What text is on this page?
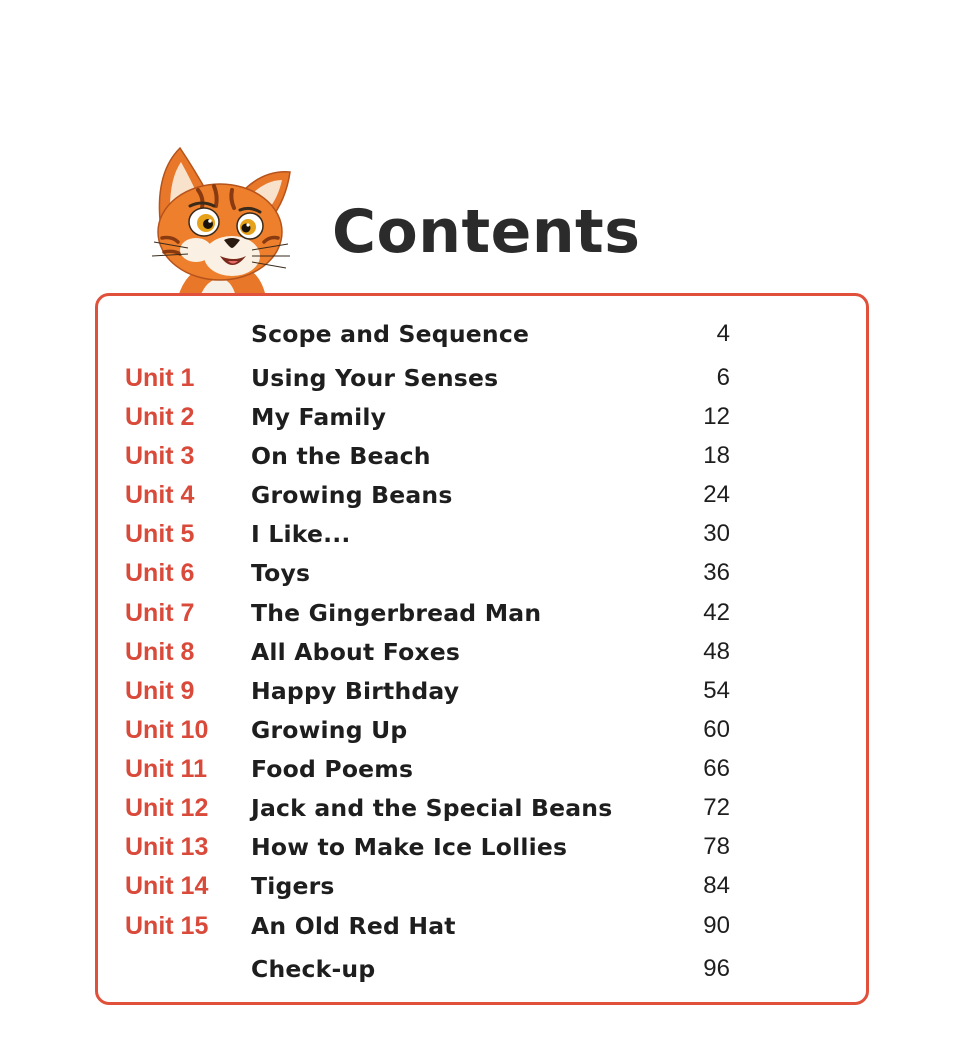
Contents
Scope and Sequence	4
Unit 1 Using Your Senses	6
Unit 2 My Family	12
Unit 3 On the Beach	18
Unit 4 Growing Beans	24
Unit 5 I Like...	30
Unit 6 Toys	36
Unit 7 The Gingerbread Man	42
Unit 8 All About Foxes	48
Unit 9 Happy Birthday	54
Unit 10 Growing Up	60
Unit 11 Food Poems	66
Unit 12 Jack and the Special Beans	72
Unit 13 How to Make Ice Lollies	78
Unit 14 Tigers	84
Unit 15 An Old Red Hat	90
Check-up	96
